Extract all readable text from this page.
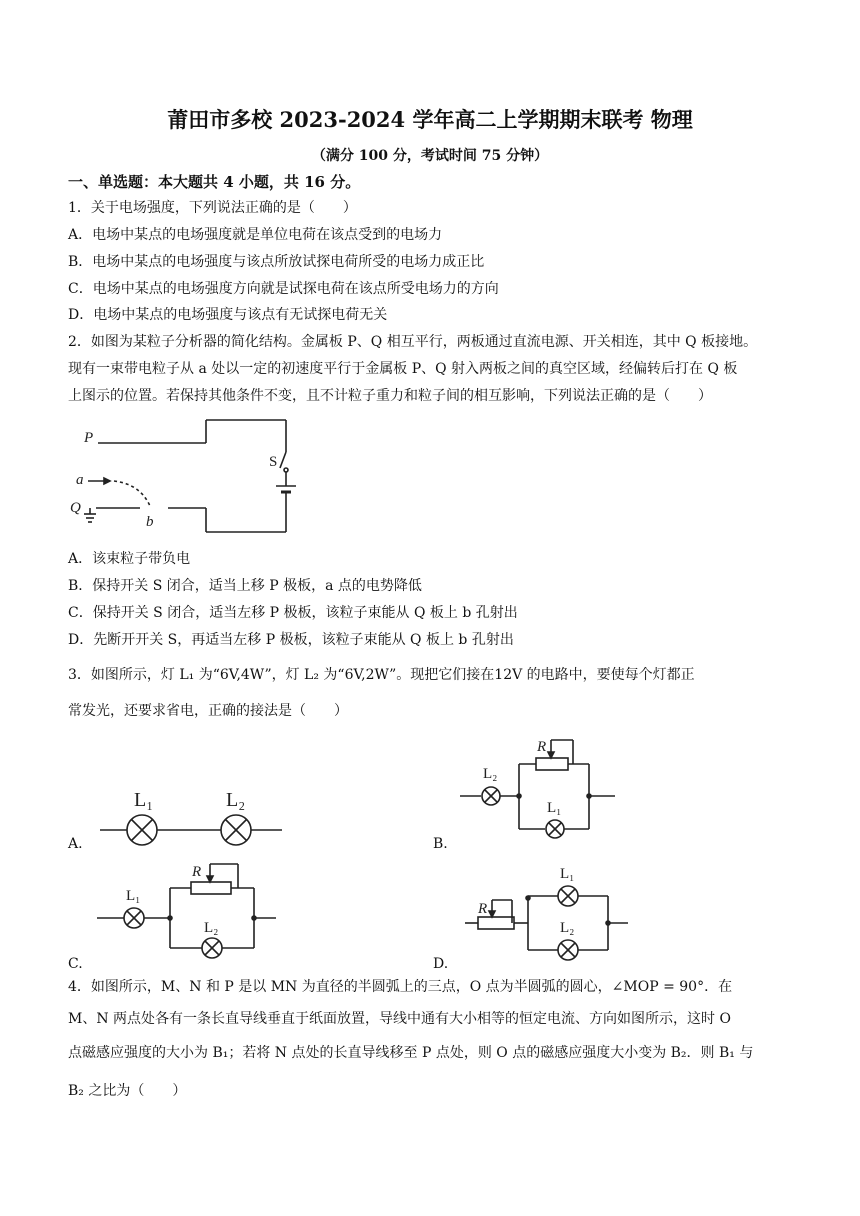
莆田市多校 2023-2024 学年高二上学期期末联考 物理
（满分 100 分，考试时间 75 分钟）
一、单选题：本大题共 4 小题，共 16 分。
1．关于电场强度，下列说法正确的是（　　）
A．电场中某点的电场强度就是单位电荷在该点受到的电场力
B．电场中某点的电场强度与该点所放试探电荷所受的电场力成正比
C．电场中某点的电场强度方向就是试探电荷在该点所受电场力的方向
D．电场中某点的电场强度与该点有无试探电荷无关
2．如图为某粒子分析器的简化结构。金属板 P、Q 相互平行，两板通过直流电源、开关相连，其中 Q 板接地。
现有一束带电粒子从 a 处以一定的初速度平行于金属板 P、Q 射入两板之间的真空区域，经偏转后打在 Q 板
上图示的位置。若保持其他条件不变，且不计粒子重力和粒子间的相互影响，下列说法正确的是（　　）
P
Q
a
b
S
A．该束粒子带负电
B．保持开关 S 闭合，适当上移 P 极板，a 点的电势降低
C．保持开关 S 闭合，适当左移 P 极板，该粒子束能从 Q 板上 b 孔射出
D．先断开开关 S，再适当左移 P 极板，该粒子束能从 Q 板上 b 孔射出
3．如图所示，灯 L₁ 为“6V,4W”，灯 L₂ 为“6V,2W”。现把它们接在12V 的电路中，要使每个灯都正
常发光，还要求省电，正确的接法是（　　）
L₁	L₂
A.
R
L₂
L₁
B.
R
L₁
L₂
C.
R
L₁
L₂
D.
4．如图所示，M、N 和 P 是以 MN 为直径的半圆弧上的三点，O 点为半圆弧的圆心，∠MOP = 90°．在
M、N 两点处各有一条长直导线垂直于纸面放置，导线中通有大小相等的恒定电流、方向如图所示，这时 O
点磁感应强度的大小为 B₁；若将 N 点处的长直导线移至 P 点处，则 O 点的磁感应强度大小变为 B₂．则 B₁ 与
B₂ 之比为（　　）
